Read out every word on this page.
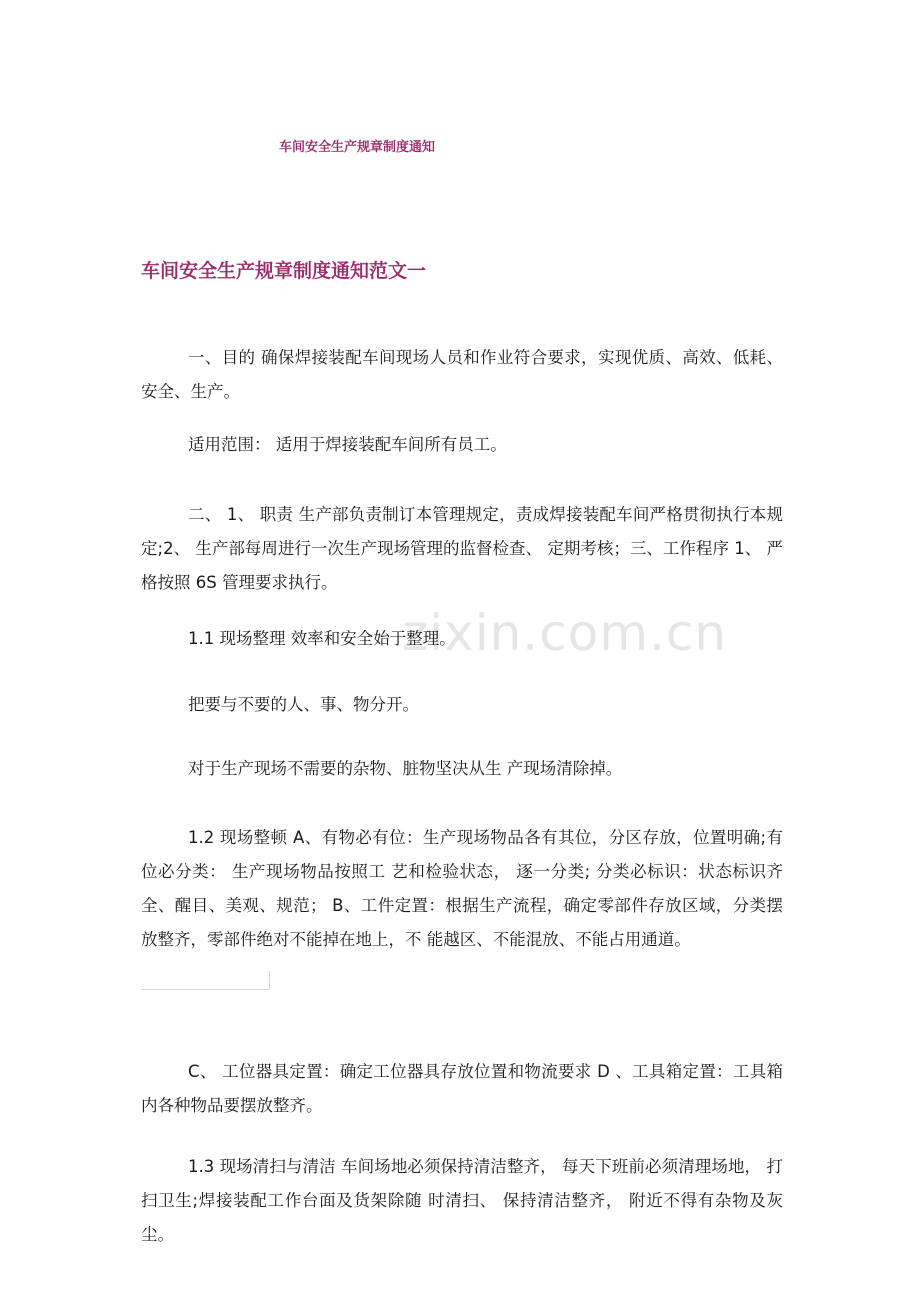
车间安全生产规章制度通知
车间安全生产规章制度通知范文一
zixin.com.cn

一、目的 确保焊接装配车间现场人员和作业符合要求，实现优质、高效、低耗、安全、生产。

适用范围： 适用于焊接装配车间所有员工。

二、 1、 职责 生产部负责制订本管理规定，责成焊接装配车间严格贯彻执行本规定;2、 生产部每周进行一次生产现场管理的监督检查、 定期考核；三、工作程序 1、 严格按照 6S 管理要求执行。

1.1 现场整理 效率和安全始于整理。
把要与不要的人、事、物分开。
对于生产现场不需要的杂物、脏物坚决从生 产现场清除掉。

1.2 现场整顿 A、有物必有位：生产现场物品各有其位，分区存放，位置明确;有位必分类： 生产现场物品按照工 艺和检验状态， 逐一分类; 分类必标识：状态标识齐全、醒目、美观、规范； B、工件定置：根据生产流程，确定零部件存放区域，分类摆放整齐，零部件绝对不能掉在地上，不 能越区、不能混放、不能占用通道。

C、 工位器具定置：确定工位器具存放位置和物流要求 D 、工具箱定置：工具箱内各种物品要摆放整齐。

1.3 现场清扫与清洁 车间场地必须保持清洁整齐， 每天下班前必须清理场地， 打扫卫生;焊接装配工作台面及货架除随 时清扫、 保持清洁整齐， 附近不得有杂物及灰尘。
